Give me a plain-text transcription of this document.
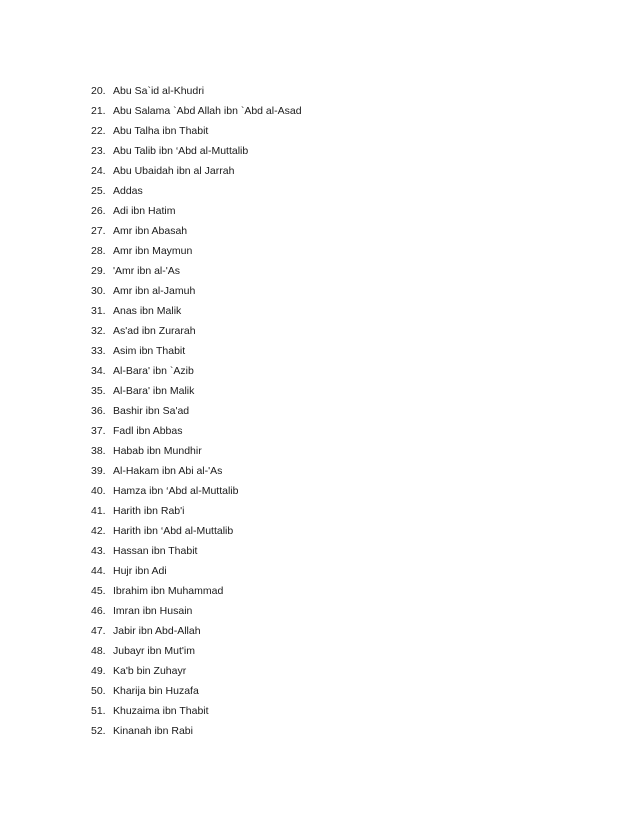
20. Abu Sa`id al-Khudri
21. Abu Salama `Abd Allah ibn `Abd al-Asad
22. Abu Talha ibn Thabit
23. Abu Talib ibn ‘Abd al-Muttalib
24. Abu Ubaidah ibn al Jarrah
25. Addas
26. Adi ibn Hatim
27. Amr ibn Abasah
28. Amr ibn Maymun
29. 'Amr ibn al-'As
30. Amr ibn al-Jamuh
31. Anas ibn Malik
32. As'ad ibn Zurarah
33. Asim ibn Thabit
34. Al-Bara' ibn `Azib
35. Al-Bara' ibn Malik
36. Bashir ibn Sa'ad
37. Fadl ibn Abbas
38. Habab ibn Mundhir
39. Al-Hakam ibn Abi al-'As
40. Hamza ibn ‘Abd al-Muttalib
41. Harith ibn Rab'i
42. Harith ibn ‘Abd al-Muttalib
43. Hassan ibn Thabit
44. Hujr ibn Adi
45. Ibrahim ibn Muhammad
46. Imran ibn Husain
47. Jabir ibn Abd-Allah
48. Jubayr ibn Mut'im
49. Ka'b bin Zuhayr
50. Kharija bin Huzafa
51. Khuzaima ibn Thabit
52. Kinanah ibn Rabi
